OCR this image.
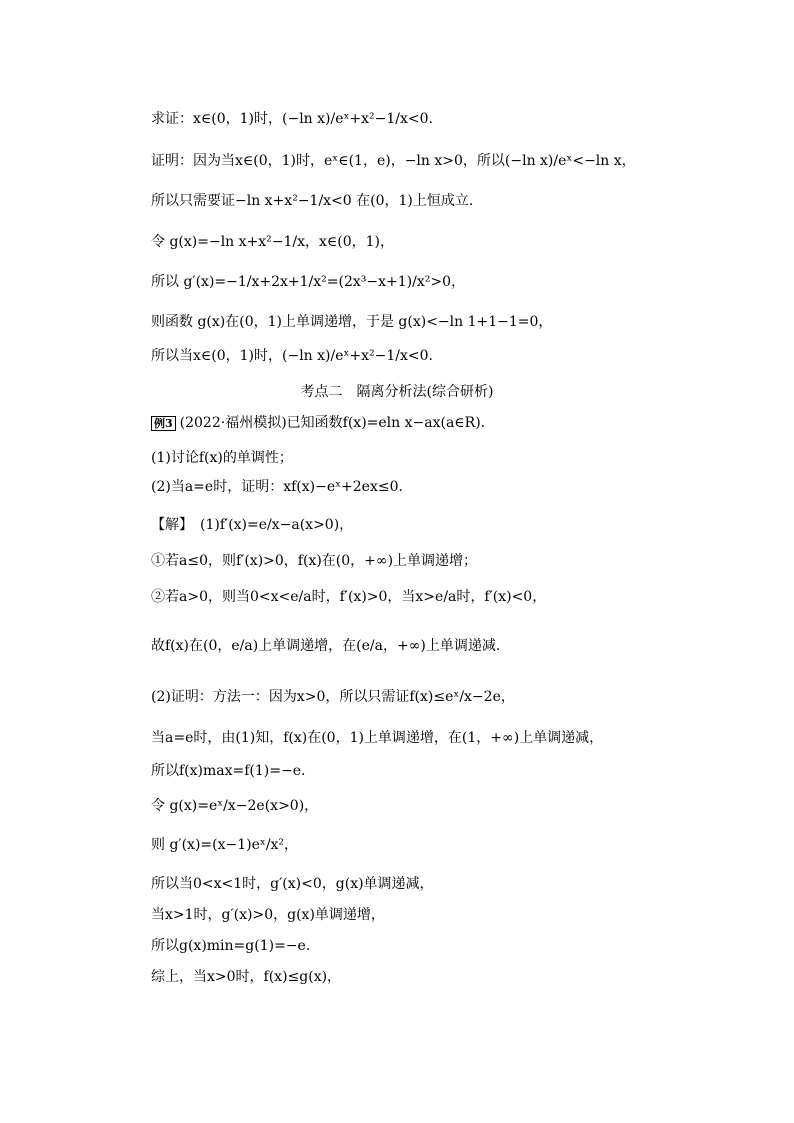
求证：x∈(0，1)时，(−ln x)/eˣ+x²−1/x<0.
证明：因为当x∈(0，1)时，eˣ∈(1，e)，−ln x>0，所以(−ln x)/eˣ<−ln x，
所以只需要证−ln x+x²−1/x<0 在(0，1)上恒成立.
令 g(x)=−ln x+x²−1/x，x∈(0，1)，
所以 g′(x)=−1/x+2x+1/x²=(2x³−x+1)/x²>0，
则函数 g(x)在(0，1)上单调递增，于是 g(x)<−ln 1+1−1=0，
所以当x∈(0，1)时，(−ln x)/eˣ+x²−1/x<0.
考点二　隔离分析法(综合研析)
例3 (2022·福州模拟)已知函数f(x)=eln x−ax(a∈R).
(1)讨论f(x)的单调性；
(2)当a=e时，证明：xf(x)−eˣ+2ex≤0.
【解】　(1)f′(x)=e/x−a(x>0)，
①若a≤0，则f′(x)>0，f(x)在(0，+∞)上单调递增；
②若a>0，则当0<x<e/a时，f′(x)>0，当x>e/a时，f′(x)<0，
故f(x)在(0，e/a)上单调递增，在(e/a，+∞)上单调递减.
(2)证明：方法一：因为x>0，所以只需证f(x)≤eˣ/x−2e，
当a=e时，由(1)知，f(x)在(0，1)上单调递增，在(1，+∞)上单调递减，
所以f(x)max=f(1)=−e.
令 g(x)=eˣ/x−2e(x>0)，
则 g′(x)=(x−1)eˣ/x²，
所以当0<x<1时，g′(x)<0，g(x)单调递减，
当x>1时，g′(x)>0，g(x)单调递增，
所以g(x)min=g(1)=−e.
综上，当x>0时，f(x)≤g(x)，
